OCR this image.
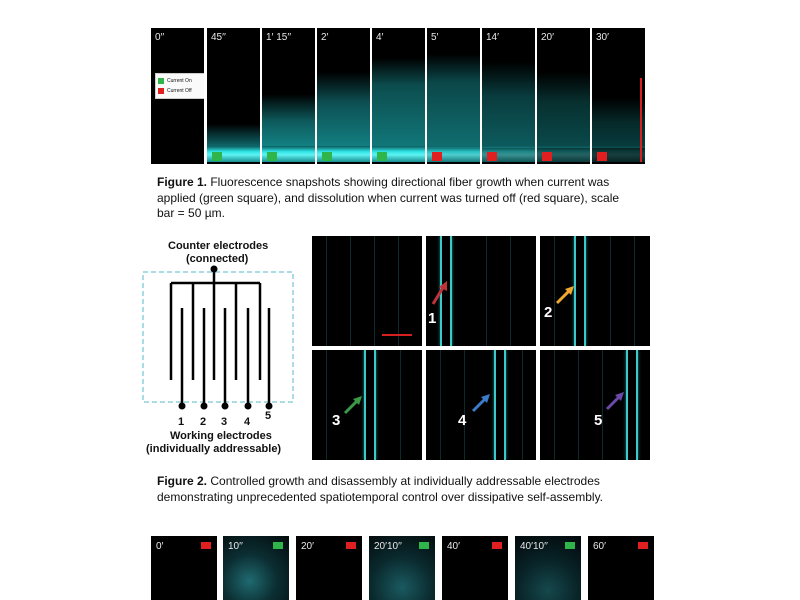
0′′
Current On
Current Off
45′′	1′ 15′′	2′	4′	5′	14′	20′	30′
Figure 1. Fluorescence snapshots showing directional fiber growth when current was applied (green square), and dissolution when current was turned off (red square), scale bar = 50 µm.
Counter electrodes
(connected)
1 2 3 4 5
Working electrodes
(individually addressable)
1	2
3	4	5
Figure 2. Controlled growth and disassembly at individually addressable electrodes demonstrating unprecedented spatiotemporal control over dissipative self-assembly.
0′	10′′	20′	20′10′′	40′	40′10′′	60′
